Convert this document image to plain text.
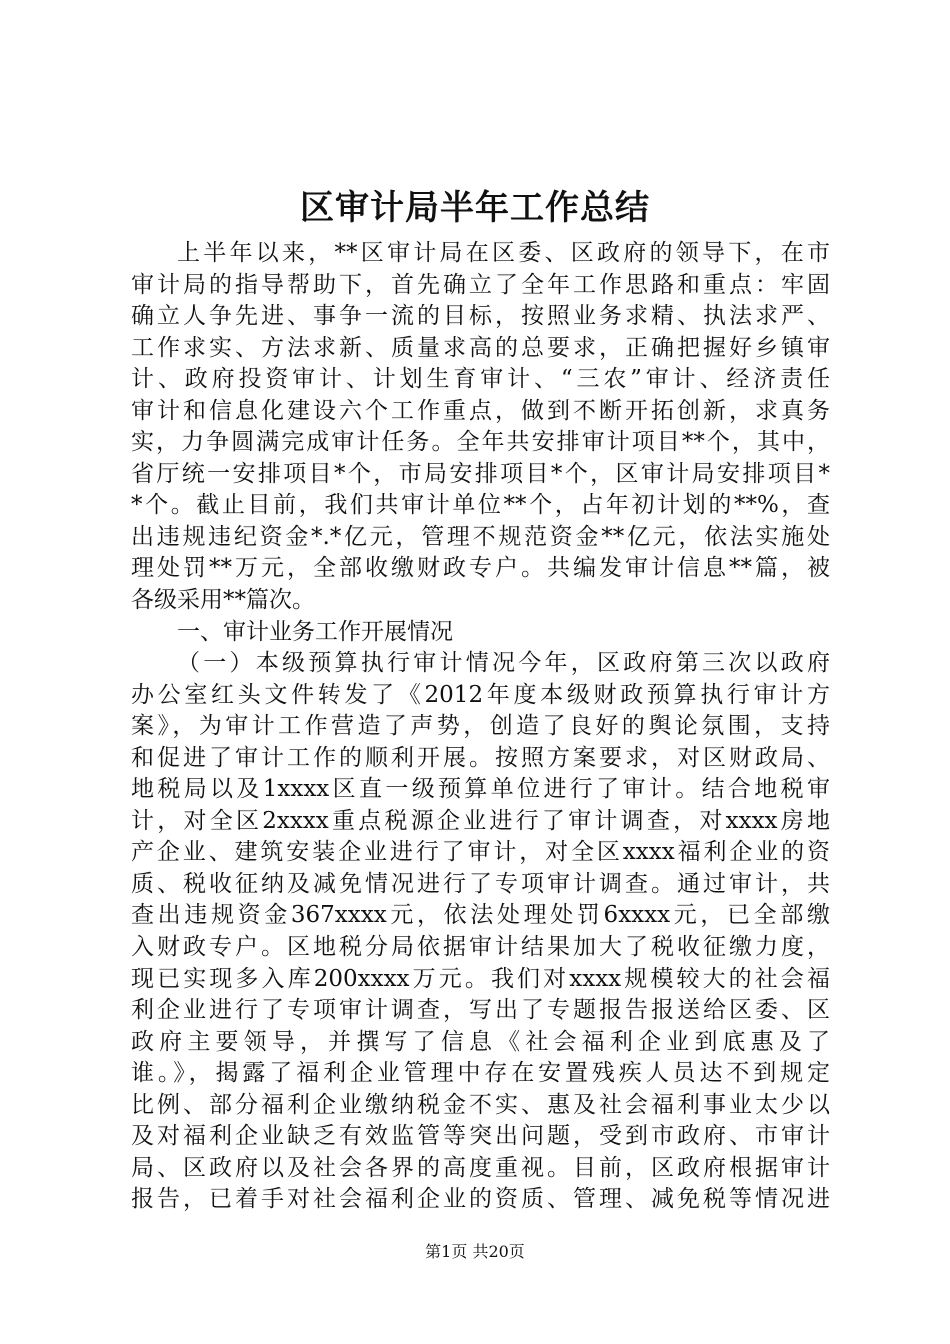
区审计局半年工作总结
上半年以来，**区审计局在区委、区政府的领导下，在市
审计局的指导帮助下，首先确立了全年工作思路和重点：牢固
确立人争先进、事争一流的目标，按照业务求精、执法求严、
工作求实、方法求新、质量求高的总要求，正确把握好乡镇审
计、政府投资审计、计划生育审计、“三农”审计、经济责任
审计和信息化建设六个工作重点，做到不断开拓创新，求真务
实，力争圆满完成审计任务。全年共安排审计项目**个，其中，
省厅统一安排项目*个，市局安排项目*个，区审计局安排项目*
*个。截止目前，我们共审计单位**个，占年初计划的**%，查
出违规违纪资金*.*亿元，管理不规范资金**亿元，依法实施处
理处罚**万元，全部收缴财政专户。共编发审计信息**篇，被
各级采用**篇次。
一、审计业务工作开展情况
（一）本级预算执行审计情况今年，区政府第三次以政府
办公室红头文件转发了《2012年度本级财政预算执行审计方
案》，为审计工作营造了声势，创造了良好的舆论氛围，支持
和促进了审计工作的顺利开展。按照方案要求，对区财政局、
地税局以及1xxxx区直一级预算单位进行了审计。结合地税审
计，对全区2xxxx重点税源企业进行了审计调查，对xxxx房地
产企业、建筑安装企业进行了审计，对全区xxxx福利企业的资
质、税收征纳及减免情况进行了专项审计调查。通过审计，共
查出违规资金367xxxx元，依法处理处罚6xxxx元，已全部缴
入财政专户。区地税分局依据审计结果加大了税收征缴力度，
现已实现多入库200xxxx万元。我们对xxxx规模较大的社会福
利企业进行了专项审计调查，写出了专题报告报送给区委、区
政府主要领导，并撰写了信息《社会福利企业到底惠及了
谁。》，揭露了福利企业管理中存在安置残疾人员达不到规定
比例、部分福利企业缴纳税金不实、惠及社会福利事业太少以
及对福利企业缺乏有效监管等突出问题，受到市政府、市审计
局、区政府以及社会各界的高度重视。目前，区政府根据审计
报告，已着手对社会福利企业的资质、管理、减免税等情况进
第1页 共20页
